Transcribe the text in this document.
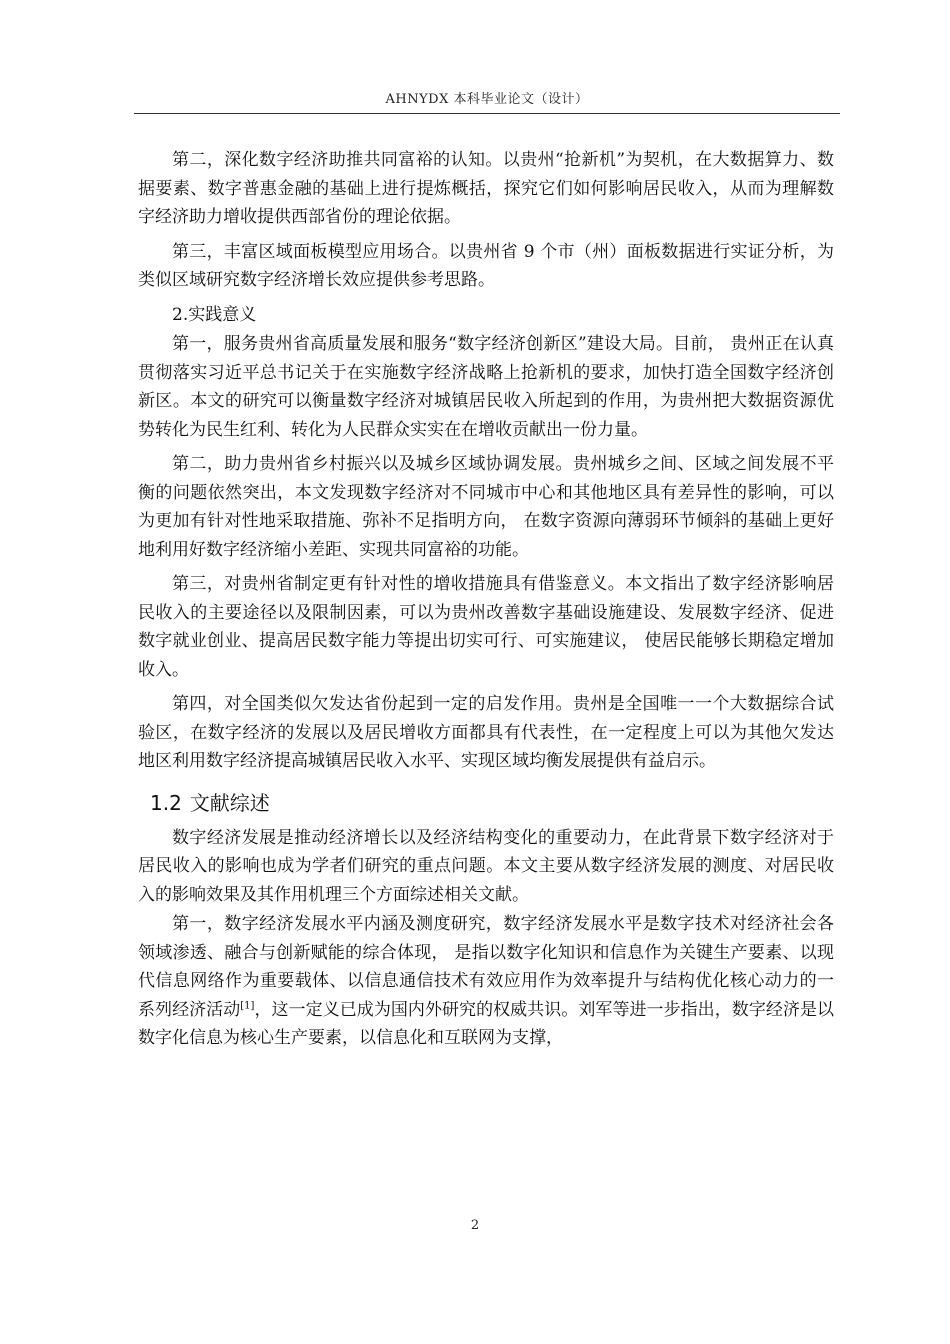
AHNYDX 本科毕业论文（设计）

第二，深化数字经济助推共同富裕的认知。以贵州“抢新机”为契机，在大数据算力、数据要素、数字普惠金融的基础上进行提炼概括，探究它们如何影响居民收入，从而为理解数字经济助力增收提供西部省份的理论依据。

第三，丰富区域面板模型应用场合。以贵州省 9 个市（州）面板数据进行实证分析，为类似区域研究数字经济增长效应提供参考思路。

2.实践意义

第一，服务贵州省高质量发展和服务“数字经济创新区”建设大局。目前， 贵州正在认真贯彻落实习近平总书记关于在实施数字经济战略上抢新机的要求，加快打造全国数字经济创新区。本文的研究可以衡量数字经济对城镇居民收入所起到的作用，为贵州把大数据资源优势转化为民生红利、转化为人民群众实实在在增收贡献出一份力量。

第二，助力贵州省乡村振兴以及城乡区域协调发展。贵州城乡之间、区域之间发展不平衡的问题依然突出，本文发现数字经济对不同城市中心和其他地区具有差异性的影响，可以为更加有针对性地采取措施、弥补不足指明方向， 在数字资源向薄弱环节倾斜的基础上更好地利用好数字经济缩小差距、实现共同富裕的功能。

第三，对贵州省制定更有针对性的增收措施具有借鉴意义。本文指出了数字经济影响居民收入的主要途径以及限制因素，可以为贵州改善数字基础设施建设、发展数字经济、促进数字就业创业、提高居民数字能力等提出切实可行、可实施建议， 使居民能够长期稳定增加收入。

第四，对全国类似欠发达省份起到一定的启发作用。贵州是全国唯一一个大数据综合试验区，在数字经济的发展以及居民增收方面都具有代表性，在一定程度上可以为其他欠发达地区利用数字经济提高城镇居民收入水平、实现区域均衡发展提供有益启示。

1.2 文献综述

数字经济发展是推动经济增长以及经济结构变化的重要动力，在此背景下数字经济对于居民收入的影响也成为学者们研究的重点问题。本文主要从数字经济发展的测度、对居民收入的影响效果及其作用机理三个方面综述相关文献。

第一，数字经济发展水平内涵及测度研究，数字经济发展水平是数字技术对经济社会各领域渗透、融合与创新赋能的综合体现， 是指以数字化知识和信息作为关键生产要素、以现代信息网络作为重要载体、以信息通信技术有效应用作为效率提升与结构优化核心动力的一系列经济活动[1]，这一定义已成为国内外研究的权威共识。刘军等进一步指出，数字经济是以数字化信息为核心生产要素，以信息化和互联网为支撑，

2
